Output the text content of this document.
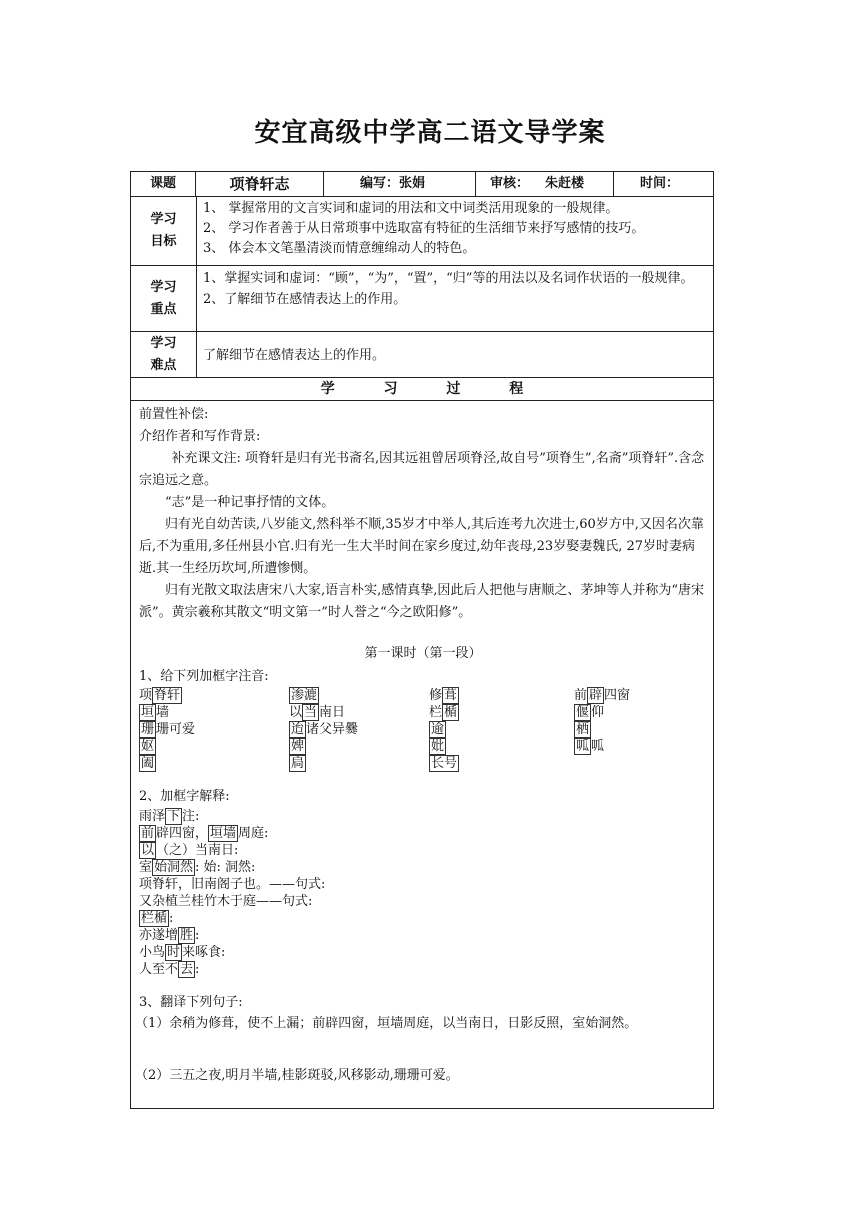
安宜高级中学高二语文导学案
课题	项脊轩志	编写：张娟	审核： 朱赶楼	时间：
学习
目标
1、 掌握常用的文言实词和虚词的用法和文中词类活用现象的一般规律。
2、 学习作者善于从日常琐事中选取富有特征的生活细节来抒写感情的技巧。
3、 体会本文笔墨清淡而情意缠绵动人的特色。
学习
重点
1、掌握实词和虚词：“顾”，“为”，“置”，“归”等的用法以及名词作状语的一般规律。
2、了解细节在感情表达上的作用。
学习
难点
了解细节在感情表达上的作用。
学 习 过 程

前置性补偿:

介绍作者和写作背景:

补充课文注: 项脊轩是归有光书斋名,因其远祖曾居项脊泾,故自号”项脊生”,名斋”项脊轩”.含念宗追远之意。

“志”是一种记事抒情的文体。

归有光自幼苦读,八岁能文,然科举不顺,35岁才中举人,其后连考九次进士,60岁方中,又因名次靠后,不为重用,多任州县小官.归有光一生大半时间在家乡度过,幼年丧母,23岁娶妻魏氏, 27岁时妻病逝.其一生经历坎坷,所遭惨恻。

归有光散文取法唐宋八大家,语言朴实,感情真挚,因此后人把他与唐顺之、茅坤等人并称为“唐宋派”。黄宗羲称其散文“明文第一”时人誉之“今之欧阳修”。

第一课时（第一段）

1、给下列加框字注音:

项 脊轩	渗漉	修 葺	前 辟 四窗
垣 墙	以 当 南日	栏 楯	偃 仰
珊 珊可爱	迨 诸父异爨	逾	栖
妪	婢	妣	呱 呱
阖	扃	长号

2、加框字解释:

雨泽 下 注:
前 辟四窗， 垣墙 周庭:
以 （之）当南日:
室 始洞然 : 始: 洞然:
项脊轩，旧南阁子也。——句式:
又杂植兰桂竹木于庭——句式:
栏楯 :
亦遂增 胜 :
小鸟 时 来啄食:
人至不 去 :

3、翻译下列句子:

（1）余稍为修葺，使不上漏；前辟四窗，垣墙周庭，以当南日，日影反照，室始洞然。

（2）三五之夜,明月半墙,桂影斑驳,风移影动,珊珊可爱。
